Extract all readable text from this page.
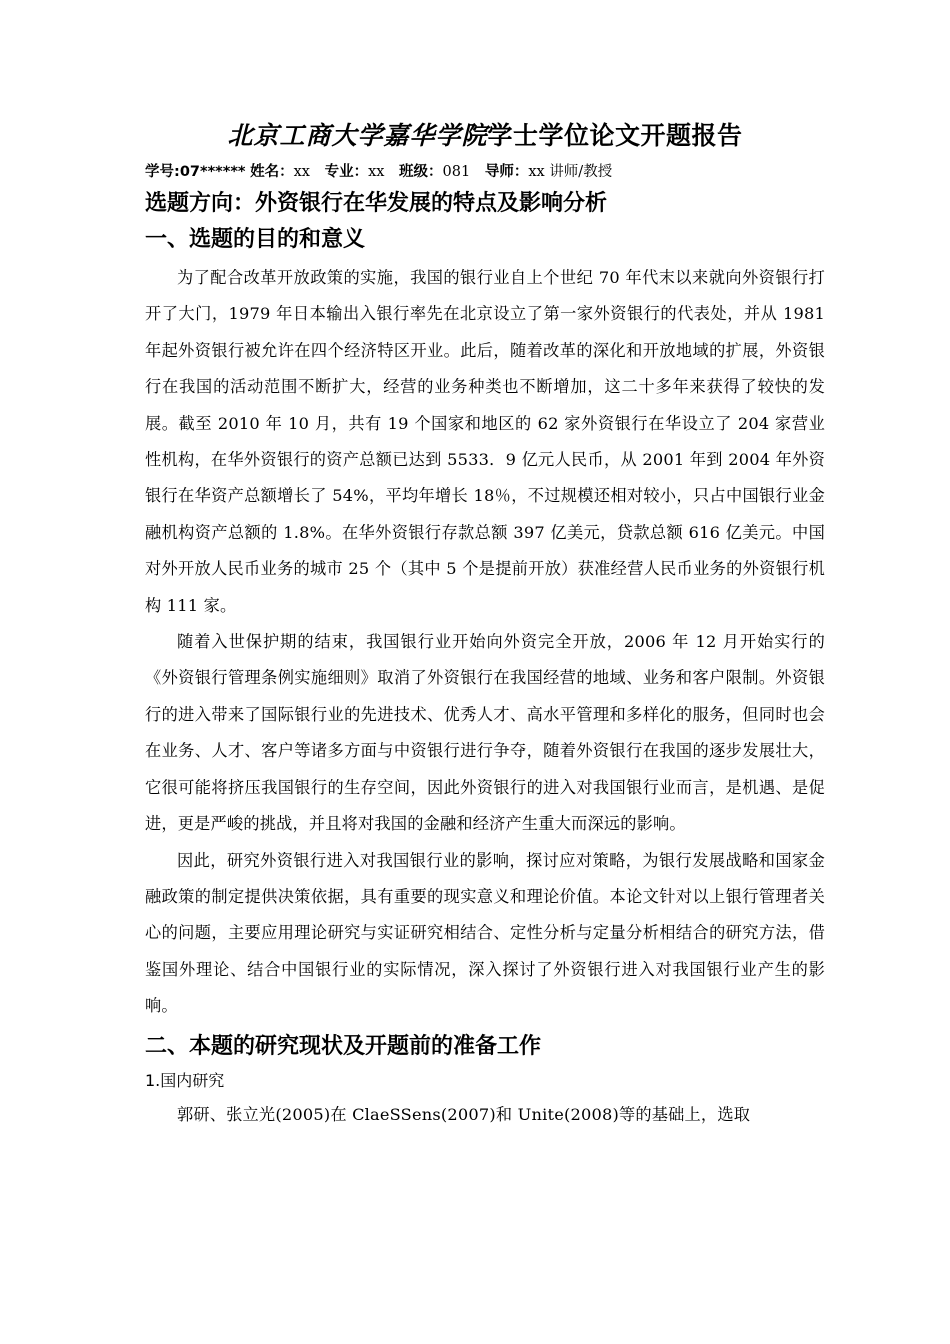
北京工商大学嘉华学院学士学位论文开题报告
学号:07****** 姓名：xx 专业：xx 班级：081 导师：xx 讲师/教授
选题方向：外资银行在华发展的特点及影响分析
一、选题的目的和意义

为了配合改革开放政策的实施，我国的银行业自上个世纪 70 年代末以来就向外资银行打开了大门，1979 年日本输出入银行率先在北京设立了第一家外资银行的代表处，并从 1981 年起外资银行被允许在四个经济特区开业。此后，随着改革的深化和开放地域的扩展，外资银行在我国的活动范围不断扩大，经营的业务种类也不断增加，这二十多年来获得了较快的发展。截至 2010 年 10 月，共有 19 个国家和地区的 62 家外资银行在华设立了 204 家营业性机构，在华外资银行的资产总额已达到 5533．9 亿元人民币，从 2001 年到 2004 年外资银行在华资产总额增长了 54%，平均年增长 18％，不过规模还相对较小，只占中国银行业金融机构资产总额的 1.8%。在华外资银行存款总额 397 亿美元，贷款总额 616 亿美元。中国对外开放人民币业务的城市 25 个（其中 5 个是提前开放）获准经营人民币业务的外资银行机构 111 家。

随着入世保护期的结束，我国银行业开始向外资完全开放，2006 年 12 月开始实行的《外资银行管理条例实施细则》取消了外资银行在我国经营的地域、业务和客户限制。外资银行的进入带来了国际银行业的先进技术、优秀人才、高水平管理和多样化的服务，但同时也会在业务、人才、客户等诸多方面与中资银行进行争夺，随着外资银行在我国的逐步发展壮大，它很可能将挤压我国银行的生存空间，因此外资银行的进入对我国银行业而言，是机遇、是促进，更是严峻的挑战，并且将对我国的金融和经济产生重大而深远的影响。

因此，研究外资银行进入对我国银行业的影响，探讨应对策略，为银行发展战略和国家金融政策的制定提供决策依据，具有重要的现实意义和理论价值。本论文针对以上银行管理者关心的问题，主要应用理论研究与实证研究相结合、定性分析与定量分析相结合的研究方法，借鉴国外理论、结合中国银行业的实际情况，深入探讨了外资银行进入对我国银行业产生的影响。

二、本题的研究现状及开题前的准备工作
1.国内研究

郭研、张立光(2005)在 ClaeSSens(2007)和 Unite(2008)等的基础上，选取
